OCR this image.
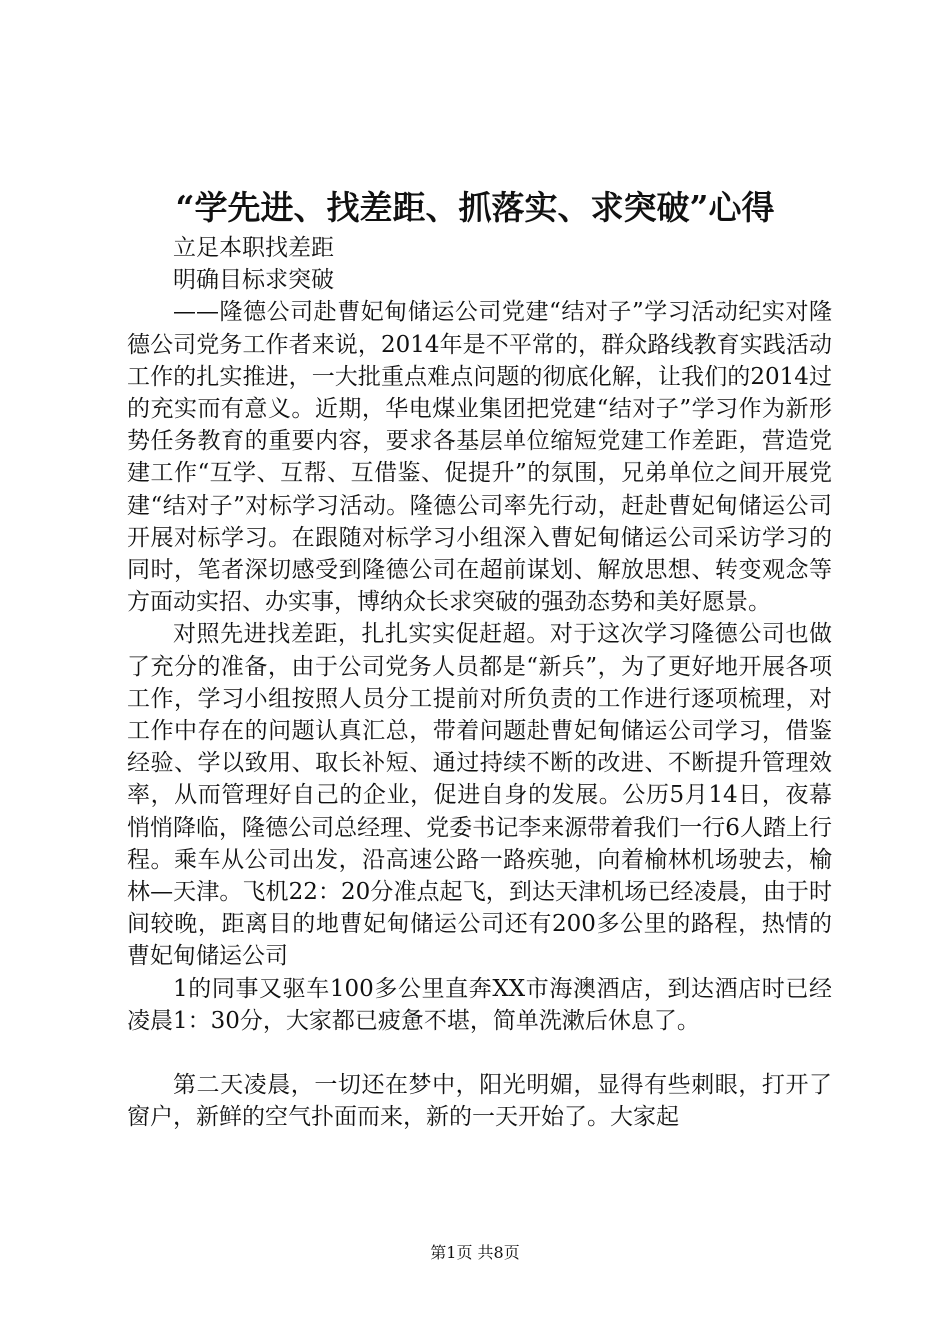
“学先进、找差距、抓落实、求突破”心得

立足本职找差距

明确目标求突破

——隆德公司赴曹妃甸储运公司党建“结对子”学习活动纪实对隆德公司党务工作者来说，2014年是不平常的，群众路线教育实践活动工作的扎实推进，一大批重点难点问题的彻底化解，让我们的2014过的充实而有意义。近期，华电煤业集团把党建“结对子”学习作为新形势任务教育的重要内容，要求各基层单位缩短党建工作差距，营造党建工作“互学、互帮、互借鉴、促提升”的氛围，兄弟单位之间开展党建“结对子”对标学习活动。隆德公司率先行动，赶赴曹妃甸储运公司开展对标学习。在跟随对标学习小组深入曹妃甸储运公司采访学习的同时，笔者深切感受到隆德公司在超前谋划、解放思想、转变观念等方面动实招、办实事，博纳众长求突破的强劲态势和美好愿景。

对照先进找差距，扎扎实实促赶超。对于这次学习隆德公司也做了充分的准备，由于公司党务人员都是“新兵”，为了更好地开展各项工作，学习小组按照人员分工提前对所负责的工作进行逐项梳理，对工作中存在的问题认真汇总，带着问题赴曹妃甸储运公司学习，借鉴经验、学以致用、取长补短、通过持续不断的改进、不断提升管理效率，从而管理好自己的企业，促进自身的发展。公历5月14日，夜幕悄悄降临，隆德公司总经理、党委书记李来源带着我们一行6人踏上行程。乘车从公司出发，沿高速公路一路疾驰，向着榆林机场驶去，榆林—天津。飞机22：20分准点起飞，到达天津机场已经凌晨，由于时间较晚，距离目的地曹妃甸储运公司还有200多公里的路程，热情的曹妃甸储运公司

1的同事又驱车100多公里直奔XX市海澳酒店，到达酒店时已经凌晨1：30分，大家都已疲惫不堪，简单洗漱后休息了。

第二天凌晨，一切还在梦中，阳光明媚，显得有些刺眼，打开了窗户，新鲜的空气扑面而来，新的一天开始了。大家起

第1页 共8页
